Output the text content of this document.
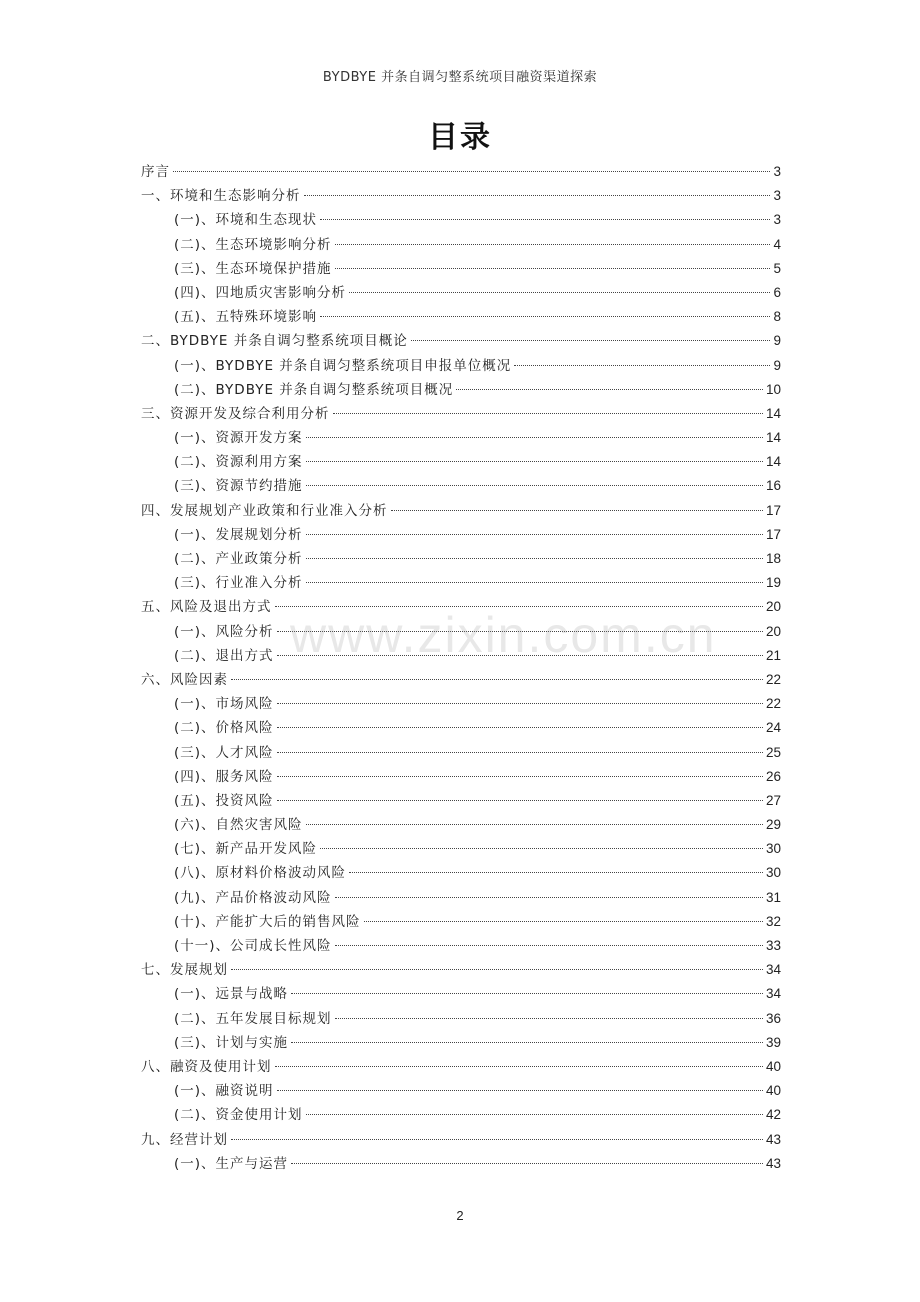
BYDBYE 并条自调匀整系统项目融资渠道探索
目录
序言	3
一、环境和生态影响分析	3
(一)、环境和生态现状	3
(二)、生态环境影响分析	4
(三)、生态环境保护措施	5
(四)、四地质灾害影响分析	6
(五)、五特殊环境影响	8
二、BYDBYE 并条自调匀整系统项目概论	9
(一)、BYDBYE 并条自调匀整系统项目申报单位概况	9
(二)、BYDBYE 并条自调匀整系统项目概况	10
三、资源开发及综合利用分析	14
(一)、资源开发方案	14
(二)、资源利用方案	14
(三)、资源节约措施	16
四、发展规划产业政策和行业准入分析	17
(一)、发展规划分析	17
(二)、产业政策分析	18
(三)、行业准入分析	19
五、风险及退出方式	20
(一)、风险分析	20
(二)、退出方式	21
六、风险因素	22
(一)、市场风险	22
(二)、价格风险	24
(三)、人才风险	25
(四)、服务风险	26
(五)、投资风险	27
(六)、自然灾害风险	29
(七)、新产品开发风险	30
(八)、原材料价格波动风险	30
(九)、产品价格波动风险	31
(十)、产能扩大后的销售风险	32
(十一)、公司成长性风险	33
七、发展规划	34
(一)、远景与战略	34
(二)、五年发展目标规划	36
(三)、计划与实施	39
八、融资及使用计划	40
(一)、融资说明	40
(二)、资金使用计划	42
九、经营计划	43
(一)、生产与运营	43
www.zixin.com.cn
2
